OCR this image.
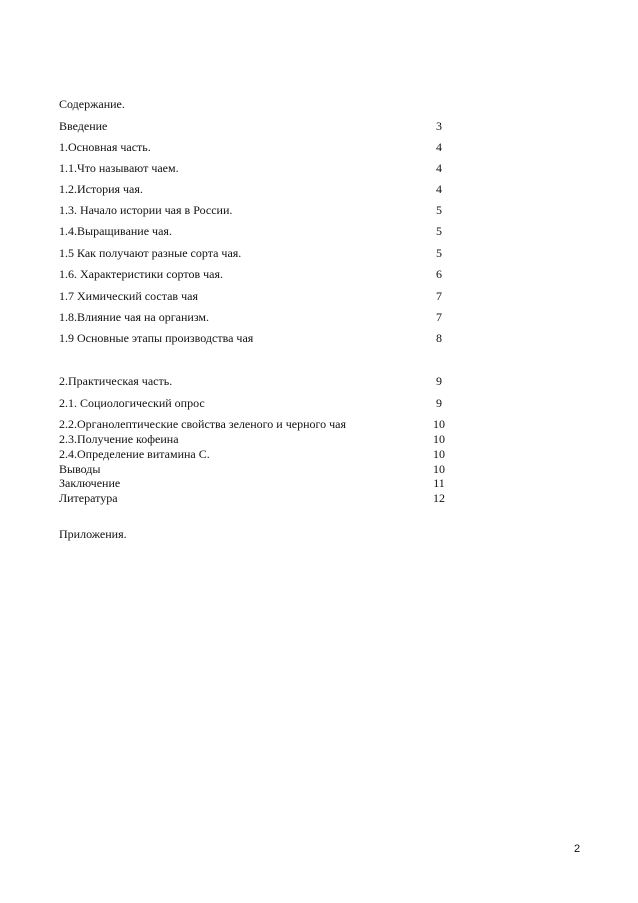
Содержание.
Введение	3
1.Основная часть.	4
1.1.Что называют чаем.	4
1.2.История чая.	4
1.3. Начало истории чая в России.	5
1.4.Выращивание чая.	5
1.5 Как получают разные сорта чая.	5
1.6. Характеристики сортов чая.	6
1.7 Химический состав чая	7
1.8.Влияние чая на организм.	7
1.9 Основные этапы производства чая	8
2.Практическая часть.	9
2.1. Социологический опрос	9
2.2.Органолептические свойства зеленого и черного чая	10
2.3.Получение кофеина	10
2.4.Определение витамина С.	10
Выводы	10
Заключение	11
Литература	12
Приложения.
2
